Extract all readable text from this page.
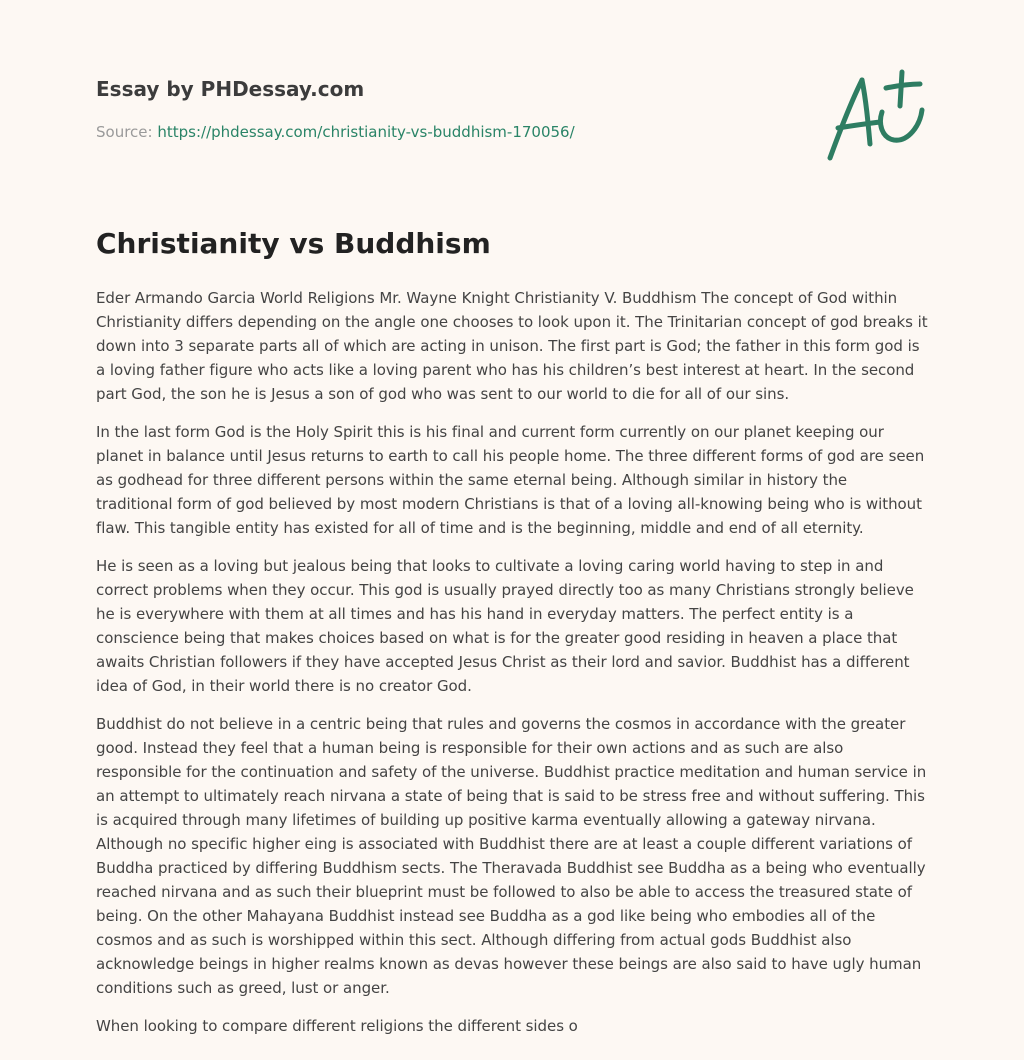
Essay by PHDessay.com
Source: https://phdessay.com/christianity-vs-buddhism-170056/
Christianity vs Buddhism

Eder Armando Garcia World Religions Mr. Wayne Knight Christianity V. Buddhism The concept of God within Christianity differs depending on the angle one chooses to look upon it. The Trinitarian concept of god breaks it down into 3 separate parts all of which are acting in unison. The first part is God; the father in this form god is a loving father figure who acts like a loving parent who has his children’s best interest at heart. In the second part God, the son he is Jesus a son of god who was sent to our world to die for all of our sins.

In the last form God is the Holy Spirit this is his final and current form currently on our planet keeping our planet in balance until Jesus returns to earth to call his people home. The three different forms of god are seen as godhead for three different persons within the same eternal being. Although similar in history the traditional form of god believed by most modern Christians is that of a loving all-knowing being who is without flaw. This tangible entity has existed for all of time and is the beginning, middle and end of all eternity.

He is seen as a loving but jealous being that looks to cultivate a loving caring world having to step in and correct problems when they occur. This god is usually prayed directly too as many Christians strongly believe he is everywhere with them at all times and has his hand in everyday matters. The perfect entity is a conscience being that makes choices based on what is for the greater good residing in heaven a place that awaits Christian followers if they have accepted Jesus Christ as their lord and savior. Buddhist has a different idea of God, in their world there is no creator God.

Buddhist do not believe in a centric being that rules and governs the cosmos in accordance with the greater good. Instead they feel that a human being is responsible for their own actions and as such are also responsible for the continuation and safety of the universe. Buddhist practice meditation and human service in an attempt to ultimately reach nirvana a state of being that is said to be stress free and without suffering. This is acquired through many lifetimes of building up positive karma eventually allowing a gateway nirvana. Although no specific higher eing is associated with Buddhist there are at least a couple different variations of Buddha practiced by differing Buddhism sects. The Theravada Buddhist see Buddha as a being who eventually reached nirvana and as such their blueprint must be followed to also be able to access the treasured state of being. On the other Mahayana Buddhist instead see Buddha as a god like being who embodies all of the cosmos and as such is worshipped within this sect. Although differing from actual gods Buddhist also acknowledge beings in higher realms known as devas however these beings are also said to have ugly human conditions such as greed, lust or anger.

When looking to compare different religions the different sides o
